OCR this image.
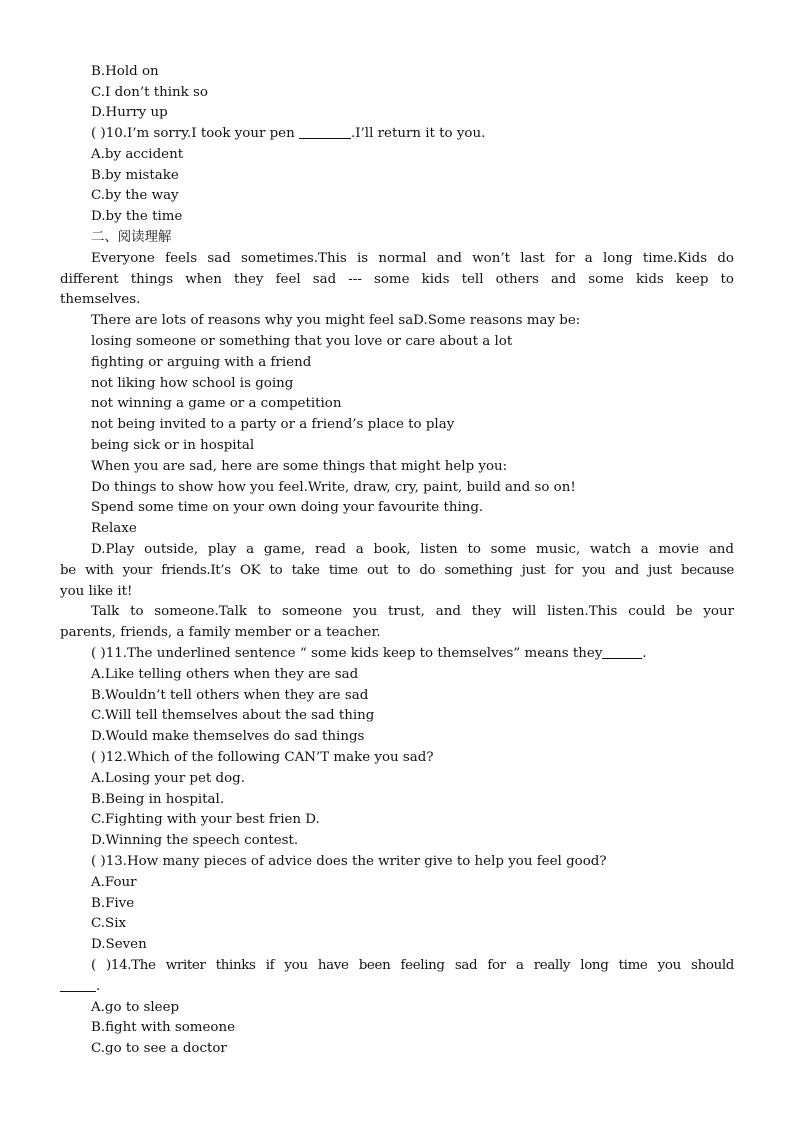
B.Hold on
C.I don’t think so
D.Hurry up
( )10.I’m sorry.I took your pen	.I’ll return it to you.
A.by accident
B.by mistake
C.by the way
D.by the time
二、阅读理解
Everyone feels sad sometimes.This is normal and won’t last for a long time.Kids do
different things when they feel sad --- some kids tell others and some kids keep to
themselves.
There are lots of reasons why you might feel saD.Some reasons may be:
losing someone or something that you love or care about a lot
fighting or arguing with a friend
not liking how school is going
not winning a game or a competition
not being invited to a party or a friend’s place to play
being sick or in hospital
When you are sad, here are some things that might help you:
Do things to show how you feel.Write, draw, cry, paint, build and so on!
Spend some time on your own doing your favourite thing.
Relaxe
D.Play outside, play a game, read a book, listen to some music, watch a movie and
be with your friends.It’s OK to take time out to do something just for you and just because
you like it!
Talk to someone.Talk to someone you trust, and they will listen.This could be your
parents, friends, a family member or a teacher.
( )11.The underlined sentence “ some kids keep to themselves” means they	.
A.Like telling others when they are sad
B.Wouldn’t tell others when they are sad
C.Will tell themselves about the sad thing
D.Would make themselves do sad things
( )12.Which of the following CAN’T make you sad?
A.Losing your pet dog.
B.Being in hospital.
C.Fighting with your best frien D.
D.Winning the speech contest.
( )13.How many pieces of advice does the writer give to help you feel good?
A.Four
B.Five
C.Six
D.Seven
( )14.The writer thinks if you have been feeling sad for a really long time you should
.
A.go to sleep
B.fight with someone
C.go to see a doctor
